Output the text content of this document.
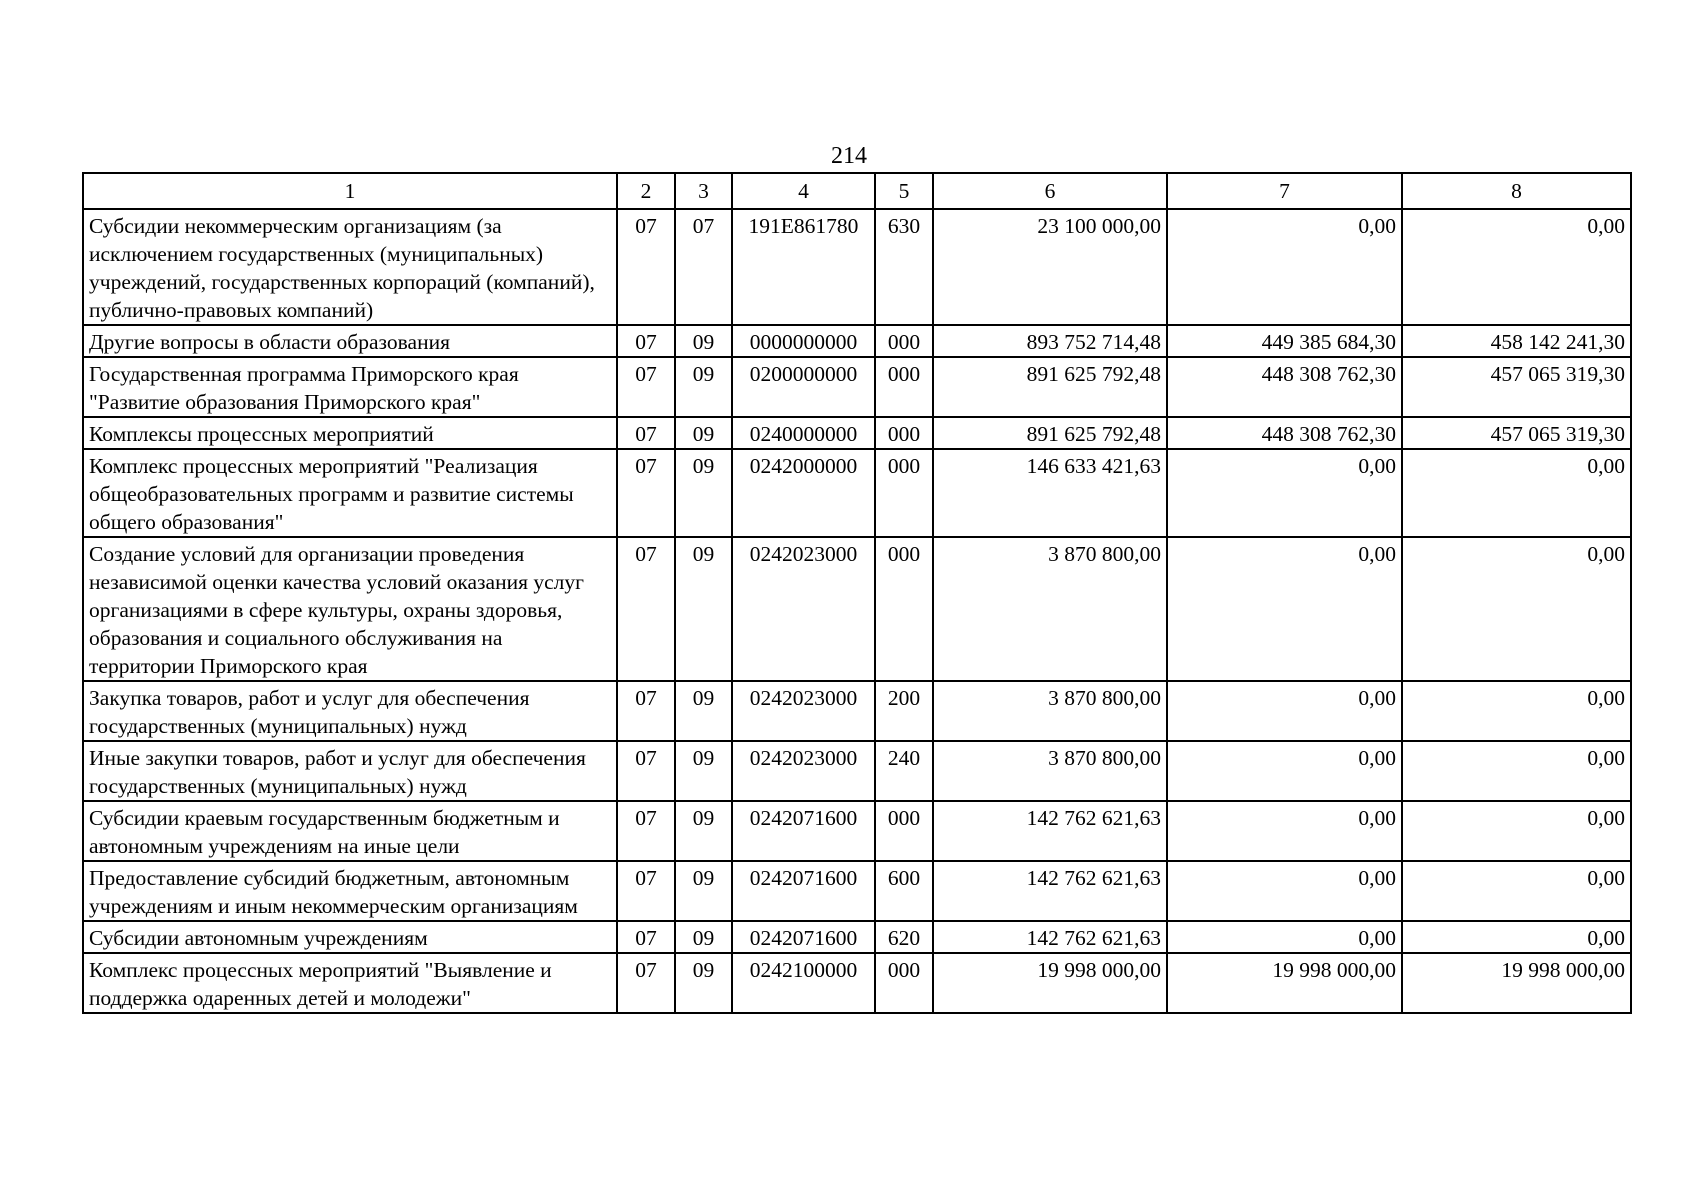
214
1	2	3	4	5	6	7	8
Субсидии некоммерческим организациям (за исключением государственных (муниципальных) учреждений, государственных корпораций (компаний), публично-правовых компаний)	07	07	191E861780	630	23 100 000,00	0,00	0,00
Другие вопросы в области образования	07	09	0000000000	000	893 752 714,48	449 385 684,30	458 142 241,30
Государственная программа Приморского края "Развитие образования Приморского края"	07	09	0200000000	000	891 625 792,48	448 308 762,30	457 065 319,30
Комплексы процессных мероприятий	07	09	0240000000	000	891 625 792,48	448 308 762,30	457 065 319,30
Комплекс процессных мероприятий "Реализация общеобразовательных программ и развитие системы общего образования"	07	09	0242000000	000	146 633 421,63	0,00	0,00
Создание условий для организации проведения независимой оценки качества условий оказания услуг организациями в сфере культуры, охраны здоровья, образования и социального обслуживания на территории Приморского края	07	09	0242023000	000	3 870 800,00	0,00	0,00
Закупка товаров, работ и услуг для обеспечения государственных (муниципальных) нужд	07	09	0242023000	200	3 870 800,00	0,00	0,00
Иные закупки товаров, работ и услуг для обеспечения государственных (муниципальных) нужд	07	09	0242023000	240	3 870 800,00	0,00	0,00
Субсидии краевым государственным бюджетным и автономным учреждениям на иные цели	07	09	0242071600	000	142 762 621,63	0,00	0,00
Предоставление субсидий бюджетным, автономным учреждениям и иным некоммерческим организациям	07	09	0242071600	600	142 762 621,63	0,00	0,00
Субсидии автономным учреждениям	07	09	0242071600	620	142 762 621,63	0,00	0,00
Комплекс процессных мероприятий "Выявление и поддержка одаренных детей и молодежи"	07	09	0242100000	000	19 998 000,00	19 998 000,00	19 998 000,00
